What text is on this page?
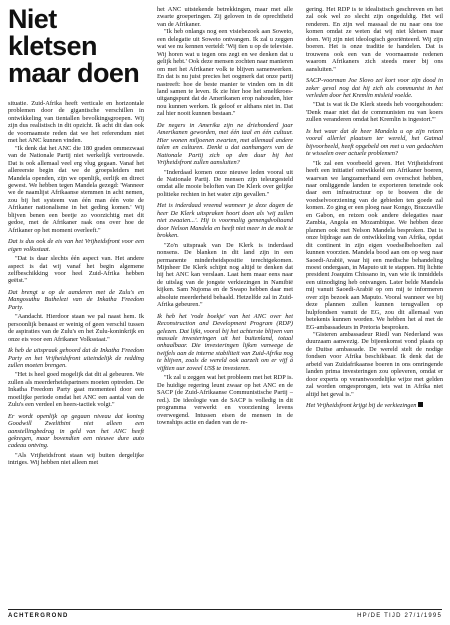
Niet kletsen maar doen

situatie. Zuid-Afrika heeft verticale en horizontale problemen door de gigantische verschillen in ontwikkeling van tientallen bevolkingsgroepen. Wij zijn dus realistisch in dit opzicht. Ik acht dit dan ook de voornaamste reden dat we het referendum niet met het ANC kunnen vinden.

"Ik denk dat het ANC die 180 graden ommezwaai van de Nationale Partij niet werkelijk vertrouwde. Dat is ook allemaal veel erg vlug gegaan. Vanaf het allereerste begin dat we de groepsleiders met Mandela openden, zijn we openlijk, eerlijk en direct gewest. We hebben tegen Mandela gezegd: 'Wanneer we de naamlijst Afrikaanse stemmen in acht nemen, zou bij het systeem van één man één vote de Afrikaner nationalisme in het geding komen.' Wij blijven benen een beetje zo voorzichtig met dit gedoe, met de Afrikaner raak ons over hoe de Afrikaner op het moment overleeft."

Dat is dus ook de eis van het Vrijheidsfront voor een eigen volksstaat.

"Dat is daar slechts één aspect van. Het andere aspect is dat wij vanaf het begin algemene zelfbeschikking voor heel Zuid-Afrika hebben geëist."

Dat brengt u op de aanderen met de Zulu's en Mangosuthu Buthelezi van de Inkatha Freedom Party.

"Aandacht. Hierdoor staan we pal naast hem. Ik persoonlijk benaast er weinig of geen verschil tussen de aspiraties van de Zulu's en het Zulu-koninkrijk en onze eis voor een Afrikaner Volksstaat."

Ik heb de uitspraak gehoord dat de Inkatha Freedom Party en het Vrijheidsfront uiteindelijk de redding zullen moeten brengen.

"Het is heel goed mogelijk dat dit al gebeuren. We zullen als meerderheidspartners moeten optreden. De Inkatha Freedom Party gaat momenteel door een moeilijke periode omdat het ANC een aantal van de Zulu's een verdeel en heers-tactiek volgt."

Er wordt openlijk op gegaan niveau dat koning Goodwill Zwelithini niet alleen een aanstellingbedrag in geld van het ANC heeft gekregen, maar bovendien een nieuwe dure auto cadeau ontving.

"Als Vrijheidsfront staan wij buiten dergelijke intriges. Wij hebben niet alleen met

het ANC uitstekende betrekkingen, maar met alle zwarte groeperingen. Zij geloven in de oprechtheid van de Afrikaner.

"Ik heb onlangs nog een visiebezoek aan Soweto, een delegatie uit Soweto ontvangen. Ik zal u zeggen wat we nu kennen verteld: 'Wij tien u op de televisie. Wij horen wat u tegen ons zegt en we denken dat u gelijk hebt.' Ook deze mensen zochten naar manieren om met het Afrikaner volk te blijven samenwerken. En dat is nu juist precies het oogmerk dat onze partij nastreeft: hoe de beste manier te vinden om in dit land samen te leven. Ik zie hier hoe het smeltkroes-uitgangspunt dat de Amerikanen erop nahouden, hier nou kunnen werken. Ik geloof er althans niet in. Dat zal hier nooit kunnen bestaan."

De negers in Amerika zijn ne driehonderd jaar Amerikanen geworden, met één taal en één cultuur. Hier wonen miljoenen zwarten, met allemaal andere talen en culturen. Denkt u dat aanhangers van de Nationale Partij zich op den duur bij het Vrijheidsfront zullen aansluiten?

"Inderdaad komen onze nieuwe leden vooral uit de Nationale Partij. De mensen zijn teleurgesteld omdat alle mooie beloften van De Klerk over gelijke politieke rechten in het water zijn gevallen."

Het is inderdaad vreemd wanneer je deze dagen de heer De Klerk uitspraken hoort doen als 'wij zullen niet zwaaien...'. Hij is voormalig gemengdvoltaand door Nelson Mandela en heeft niet meer in de molt te brokken.

"Zo'n uitspraak van De Klerk is inderdaad nonsens. De blanken in dit land zijn in een permanente minderheidspositie terechtgekomen. Mijnheer De Klerk schijnt nog altijd te denken dat hij het ANC kan verslaan. Laat hem maar eens naar de uitslag van de jongste verkiezingen in Namibië kijken. Sam Nujoma en de Swapo hebben daar met absolute meerderheid behaald. Hetzelfde zal in Zuid-Afrika gebeuren."

Ik heb het 'rode boekje' van het ANC over het Reconstruction and Development Program (RDP) gelezen. Dat lijkt, vooral bij het achterste blijven van massale investeringen uit het buitenland, totaal onhaalbaar. Die investeringen lijken vanwege de twijfels aan de interne stabiliteit van Zuid-Afrika nog te blijven, zoals de wereld ook aarzelt om er vijf á vijftien uur zoveel US$ te investeren.

"Ik zal u zeggen wat het probleem met het RDP is. De huidige regering leunt zwaar op het ANC en de SACP (de Zuid-Afrikaanse Communistische Partij – red.). De ideologie van de SACP is volledig in dit programma verwerkt en voorziening levens overwegend. Intussen eisen de mensen in de townships actie en daden van de re-

gering. Het RDP is te idealistisch geschreven en het zal ook wel zo slecht zijn ongeduldig. Het wil renderen. En zijn wel massaal de nu naar ons toe komen omdat ze weten dat wij niet kletsen maar doen. Wij zijn niet ideologisch georiënteerd. Wij zijn boeren. Het is onze traditie te handelen. Dat is trouwens ook een van de voornaamste redenen waarom Afrikaners zich steeds meer bij ons aansluiten."

SACP-voorman Joe Slovo zei kort voor zijn dood in zeker geval nog dat hij zich als communist in het verleden door het Kremlin misleid voelde.

"Dat is wat ik De Klerk steeds heb voorgehouden: 'Denk maar niet dat de communisten nu van koers zullen veranderen omdat het Kremlin is ingestort.'"

Is het waar dat de heer Mandela u op zijn reizen vooral allerlei plaatsen ter wereld, het Gatmal bijvoorbeeld, heeft opgebeld om met u van gedachten te wisselen over actuele problemen?

"Ik zal een voorbeeld geven. Het Vrijheidsfront heeft een initiatief ontwikkeld om Afrikaner boeren, waarvan we langzamerhand een overschot hebben, naar omliggende landen te exporteren teneinde ook daar een infrastructuur op te bouwen die de voedselvoorziening van de gebieden ten goede zal komen. Zo ging er een ploeg naar Kongo, Brazzaville en Gabon, en reizen ook andere delegaties naar Zambia, Angola en Mozambique. We hebben deze plannen ook met Nelson Mandela besproken. Dat is onze bijdrage aan de ontwikkeling van Afrika, opdat dit continent in zijn eigen voedselbehoeften zal kunnen voorzien. Mandela bood aan om op weg naar Saoedi-Arabië, waar hij een medische behandeling moest ondergaan, in Maputo uit te stappen. Hij lichtte president Joaquim Chissano in, van wie ik inmiddels een uitnodiging heb ontvangen. Later belde Mandela mij vanuit Saoedi-Arabië op om mij te informeren over zijn bezoek aan Maputo. Vooral wanneer we bij deze plannen zullen kunnen terugvallen op hulpfondsen vanuit de EG, zou dit allemaal van betekenis kunnen worden. We hebben het al met de EG-ambassadeurs in Pretoria besproken.

"Gisteren ambassadeur Riedl van Nederland was duurzaam aanwezig. De bijeenkomst vond plaats op de Duitse ambassade. De wereld stelt de nodige fondsen voor Afrika beschikbaar. Ik denk dat de arbeid van Zuidafrikaanse boeren in ons omringende landen prima investeringen zou opleveren, omdat er door experts op verantwoordelijke wijze met gelden zal worden omgesprongen, iets wat in Afrika niet altijd het geval is."

Het Vrijheidsfront krijgt bij de verkiezingen

ACHTERGROND	HP/DE TIJD 27/1/1995
